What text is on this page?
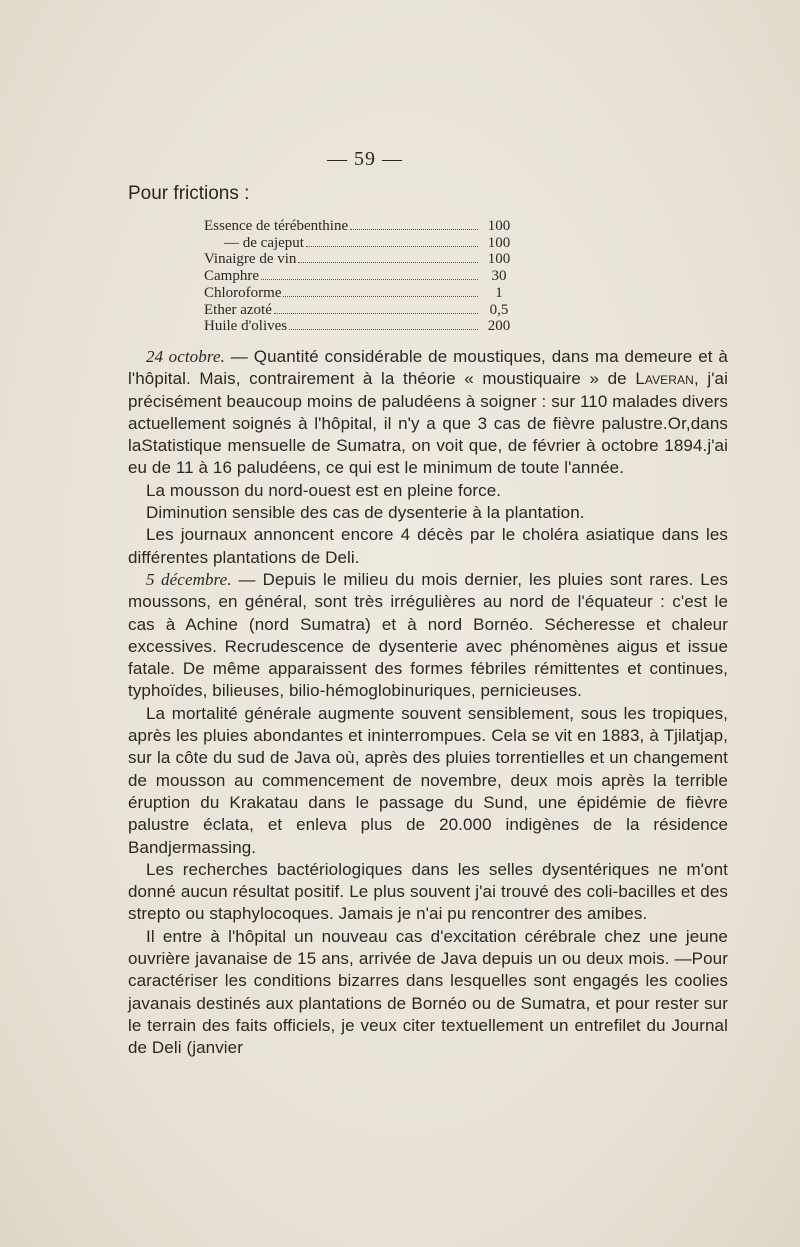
— 59 —
Pour frictions :
Essence de térébenthine	100
— de cajeput	100
Vinaigre de vin	100
Camphre	30
Chloroforme	1
Ether azoté	0,5
Huile d'olives	200

24 octobre. — Quantité considérable de moustiques, dans ma demeure et à l'hôpital. Mais, contrairement à la théorie « moustiquaire » de Laveran, j'ai précisément beaucoup moins de paludéens à soigner : sur 110 malades divers actuellement soignés à l'hôpital, il n'y a que 3 cas de fièvre palustre.Or,dans laStatistique mensuelle de Sumatra, on voit que, de février à octobre 1894.j'ai eu de 11 à 16 paludéens, ce qui est le minimum de toute l'année.

La mousson du nord-ouest est en pleine force.

Diminution sensible des cas de dysenterie à la plantation.

Les journaux annoncent encore 4 décès par le choléra asiatique dans les différentes plantations de Deli.

5 décembre. — Depuis le milieu du mois dernier, les pluies sont rares. Les moussons, en général, sont très irrégulières au nord de l'équateur : c'est le cas à Achine (nord Sumatra) et à nord Bornéo. Sécheresse et chaleur excessives. Recrudescence de dysenterie avec phénomènes aigus et issue fatale. De même apparaissent des formes fébriles rémittentes et continues, typhoïdes, bilieuses, bilio-hémoglobinuriques, pernicieuses.

La mortalité générale augmente souvent sensiblement, sous les tropiques, après les pluies abondantes et ininterrompues. Cela se vit en 1883, à Tjilatjap, sur la côte du sud de Java où, après des pluies torrentielles et un changement de mousson au commencement de novembre, deux mois après la terrible éruption du Krakatau dans le passage du Sund, une épidémie de fièvre palustre éclata, et enleva plus de 20.000 indigènes de la résidence Bandjermassing.

Les recherches bactériologiques dans les selles dysentériques ne m'ont donné aucun résultat positif. Le plus souvent j'ai trouvé des coli-bacilles et des strepto ou staphylocoques. Jamais je n'ai pu rencontrer des amibes.

Il entre à l'hôpital un nouveau cas d'excitation cérébrale chez une jeune ouvrière javanaise de 15 ans, arrivée de Java depuis un ou deux mois. —Pour caractériser les conditions bizarres dans lesquelles sont engagés les coolies javanais destinés aux plantations de Bornéo ou de Sumatra, et pour rester sur le terrain des faits officiels, je veux citer textuellement un entrefilet du Journal de Deli (janvier
